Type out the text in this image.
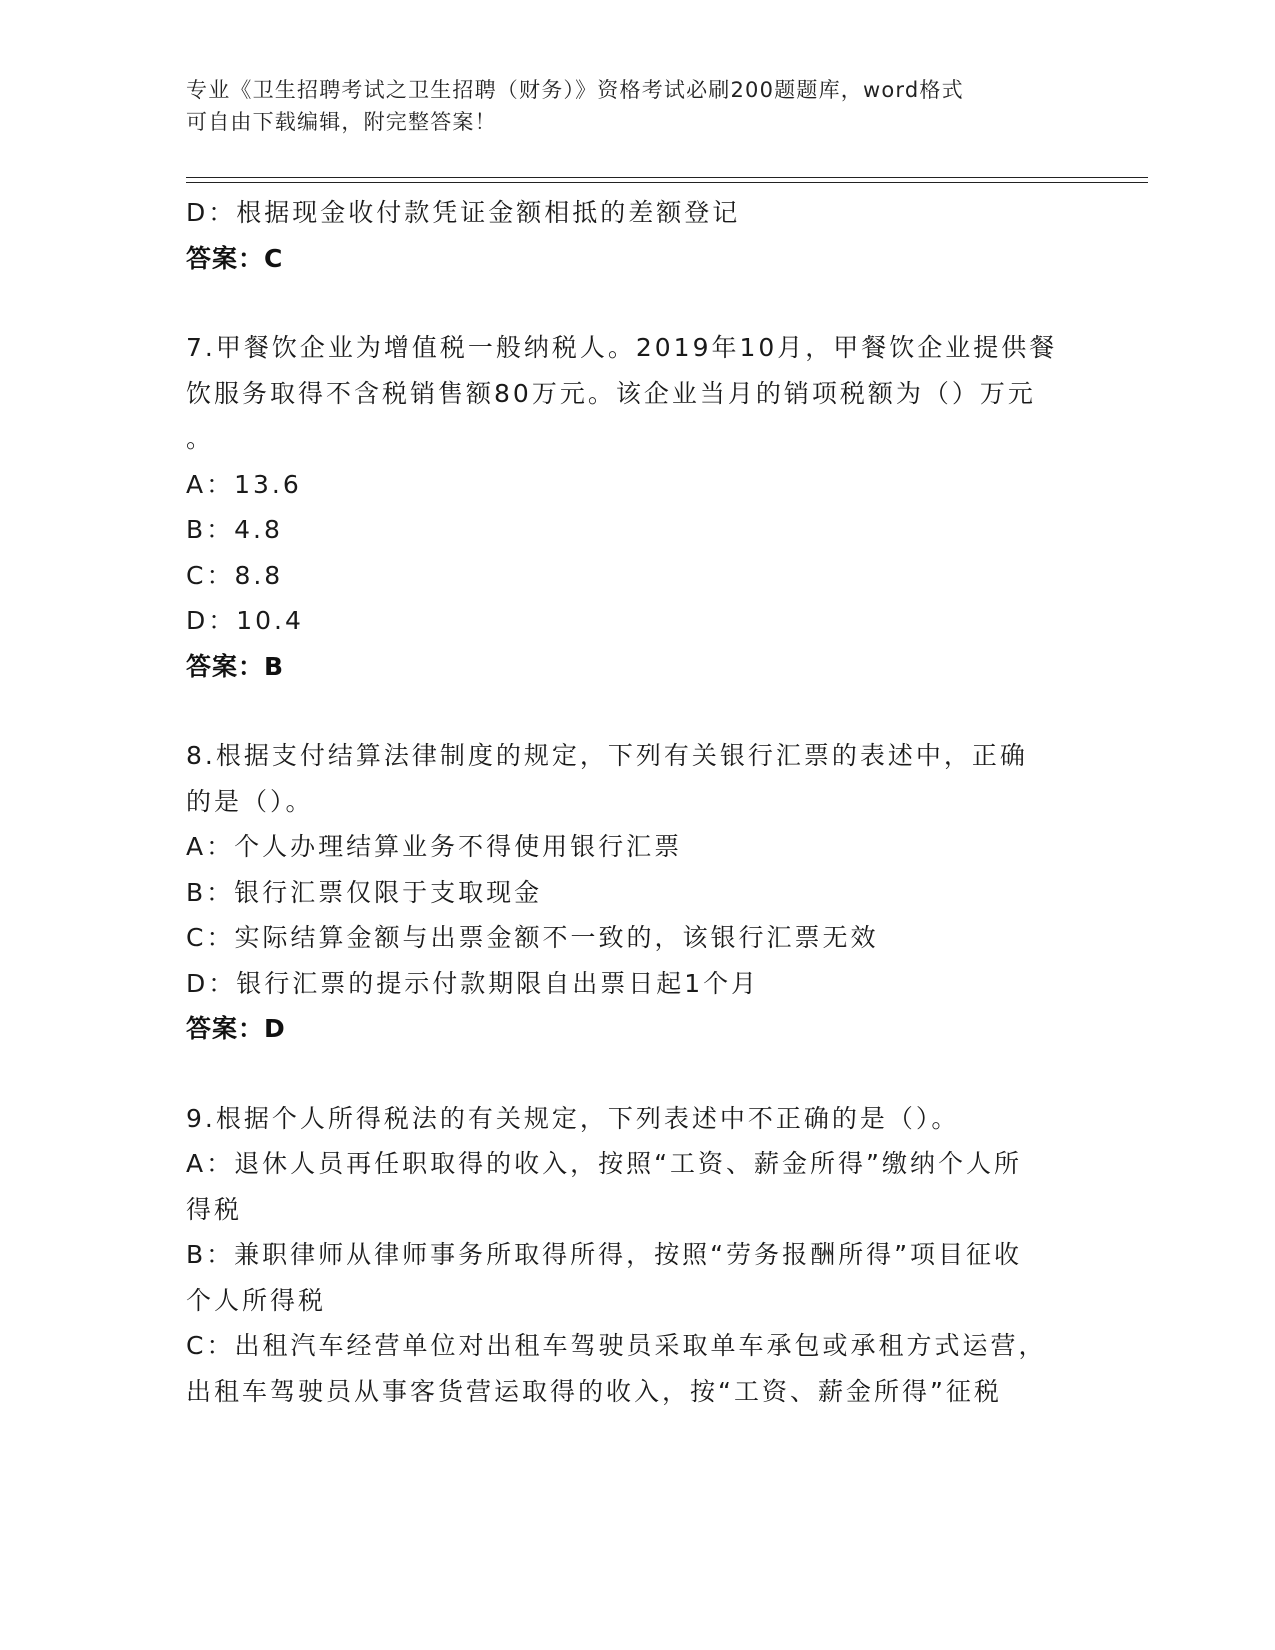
专业《卫生招聘考试之卫生招聘（财务）》资格考试必刷200题题库，word格式
可自由下载编辑，附完整答案！
D：根据现金收付款凭证金额相抵的差额登记
答案：C
7.甲餐饮企业为增值税一般纳税人。2019年10月，甲餐饮企业提供餐
饮服务取得不含税销售额80万元。该企业当月的销项税额为（）万元
。
A：13.6
B：4.8
C：8.8
D：10.4
答案：B
8.根据支付结算法律制度的规定，下列有关银行汇票的表述中，正确
的是（）。
A：个人办理结算业务不得使用银行汇票
B：银行汇票仅限于支取现金
C：实际结算金额与出票金额不一致的，该银行汇票无效
D：银行汇票的提示付款期限自出票日起1个月
答案：D
9.根据个人所得税法的有关规定，下列表述中不正确的是（）。
A：退休人员再任职取得的收入，按照“工资、薪金所得”缴纳个人所
得税
B：兼职律师从律师事务所取得所得，按照“劳务报酬所得”项目征收
个人所得税
C：出租汽车经营单位对出租车驾驶员采取单车承包或承租方式运营，
出租车驾驶员从事客货营运取得的收入，按“工资、薪金所得”征税
